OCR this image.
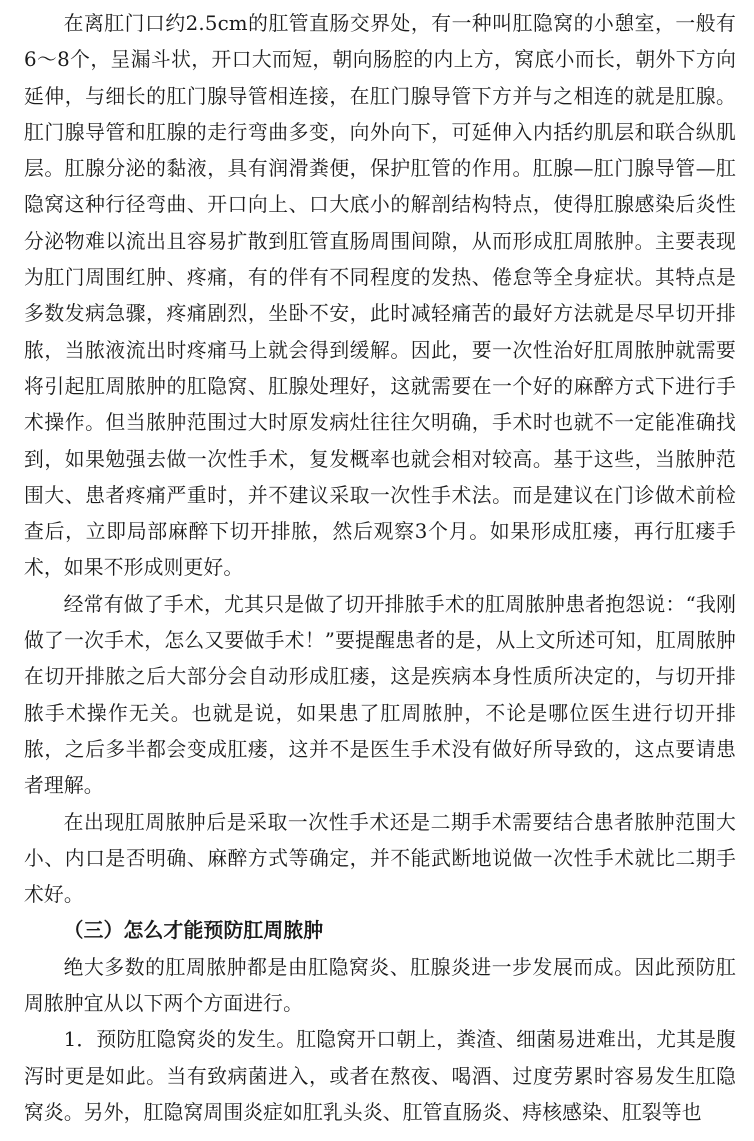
在离肛门口约2.5cm的肛管直肠交界处，有一种叫肛隐窝的小憩室，一般有6～8个，呈漏斗状，开口大而短，朝向肠腔的内上方，窝底小而长，朝外下方向延伸，与细长的肛门腺导管相连接，在肛门腺导管下方并与之相连的就是肛腺。肛门腺导管和肛腺的走行弯曲多变，向外向下，可延伸入内括约肌层和联合纵肌层。肛腺分泌的黏液，具有润滑粪便，保护肛管的作用。肛腺—肛门腺导管—肛隐窝这种行径弯曲、开口向上、口大底小的解剖结构特点，使得肛腺感染后炎性分泌物难以流出且容易扩散到肛管直肠周围间隙，从而形成肛周脓肿。主要表现为肛门周围红肿、疼痛，有的伴有不同程度的发热、倦怠等全身症状。其特点是多数发病急骤，疼痛剧烈，坐卧不安，此时减轻痛苦的最好方法就是尽早切开排脓，当脓液流出时疼痛马上就会得到缓解。因此，要一次性治好肛周脓肿就需要将引起肛周脓肿的肛隐窝、肛腺处理好，这就需要在一个好的麻醉方式下进行手术操作。但当脓肿范围过大时原发病灶往往欠明确，手术时也就不一定能准确找到，如果勉强去做一次性手术，复发概率也就会相对较高。基于这些，当脓肿范围大、患者疼痛严重时，并不建议采取一次性手术法。而是建议在门诊做术前检查后，立即局部麻醉下切开排脓，然后观察3个月。如果形成肛瘘，再行肛瘘手术，如果不形成则更好。

经常有做了手术，尤其只是做了切开排脓手术的肛周脓肿患者抱怨说：“我刚做了一次手术，怎么又要做手术！”要提醒患者的是，从上文所述可知，肛周脓肿在切开排脓之后大部分会自动形成肛瘘，这是疾病本身性质所决定的，与切开排脓手术操作无关。也就是说，如果患了肛周脓肿，不论是哪位医生进行切开排脓，之后多半都会变成肛瘘，这并不是医生手术没有做好所导致的，这点要请患者理解。

在出现肛周脓肿后是采取一次性手术还是二期手术需要结合患者脓肿范围大小、内口是否明确、麻醉方式等确定，并不能武断地说做一次性手术就比二期手术好。

（三）怎么才能预防肛周脓肿

绝大多数的肛周脓肿都是由肛隐窝炎、肛腺炎进一步发展而成。因此预防肛周脓肿宜从以下两个方面进行。

1．预防肛隐窝炎的发生。肛隐窝开口朝上，粪渣、细菌易进难出，尤其是腹泻时更是如此。当有致病菌进入，或者在熬夜、喝酒、过度劳累时容易发生肛隐窝炎。另外，肛隐窝周围炎症如肛乳头炎、肛管直肠炎、痔核感染、肛裂等也
